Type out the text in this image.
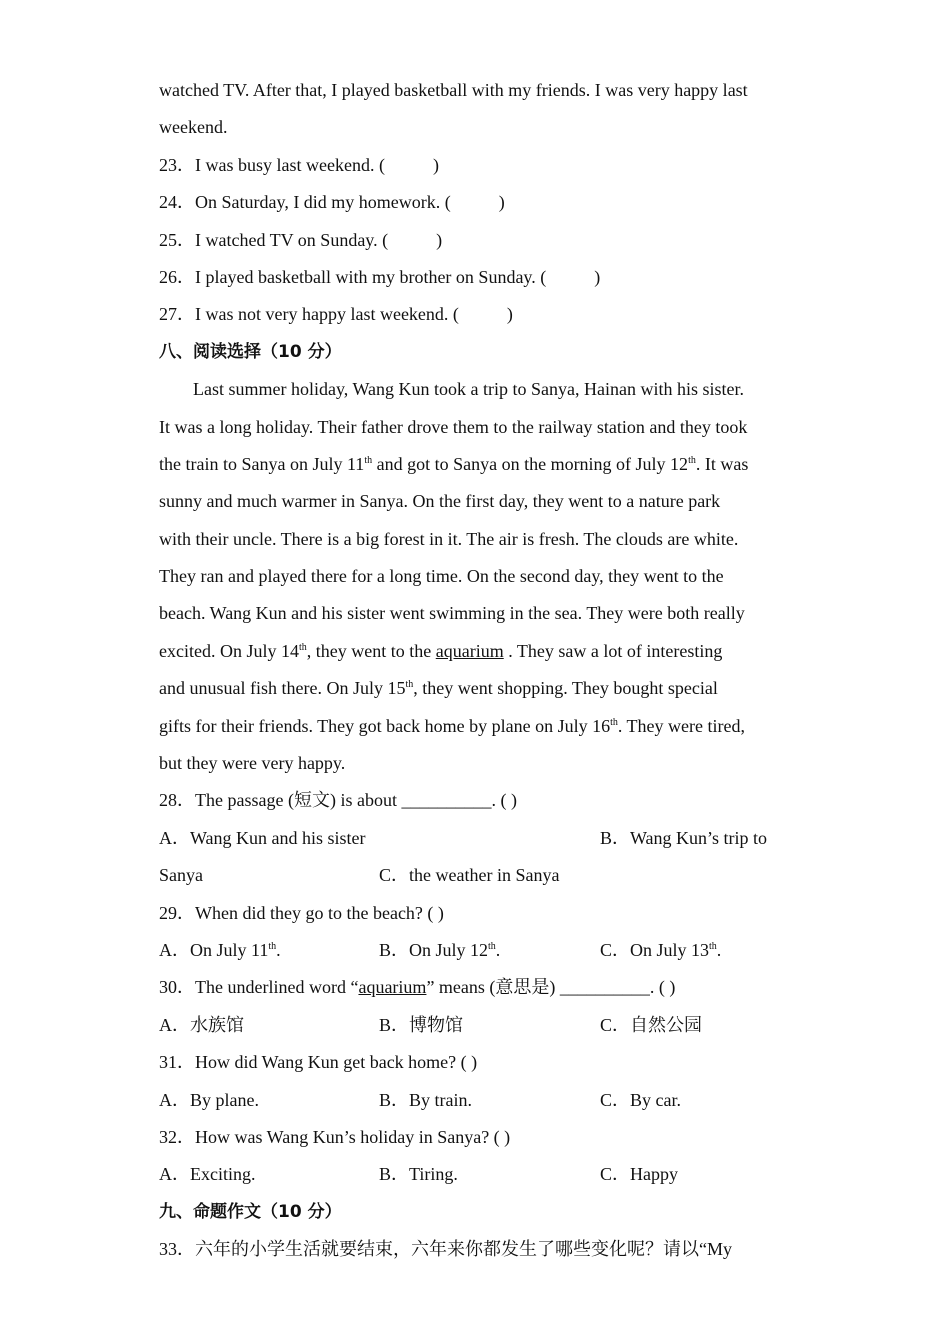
watched TV. After that, I played basketball with my friends. I was very happy last
weekend.
23．I was busy last weekend. (	)
24．On Saturday, I did my homework. (	)
25．I watched TV on Sunday. (	)
26．I played basketball with my brother on Sunday. (	)
27．I was not very happy last weekend. (	)
八、阅读选择（10 分）
Last summer holiday, Wang Kun took a trip to Sanya, Hainan with his sister.
It was a long holiday. Their father drove them to the railway station and they took
the train to Sanya on July 11th and got to Sanya on the morning of July 12th. It was
sunny and much warmer in Sanya. On the first day, they went to a nature park
with their uncle. There is a big forest in it. The air is fresh. The clouds are white.
They ran and played there for a long time. On the second day, they went to the
beach. Wang Kun and his sister went swimming in the sea. They were both really
excited. On July 14th, they went to the aquarium . They saw a lot of interesting
and unusual fish there. On July 15th, they went shopping. They bought special
gifts for their friends. They got back home by plane on July 16th. They were tired,
but they were very happy.
28．The passage (短文) is about __________. ( )
A．Wang Kun and his sister	B．Wang Kun’s trip to
Sanya	C．the weather in Sanya
29．When did they go to the beach? ( )
A．On July 11th.	B．On July 12th.	C．On July 13th.
30．The underlined word “aquarium” means (意思是) __________. ( )
A．水族馆	B．博物馆	C．自然公园
31．How did Wang Kun get back home? ( )
A．By plane.	B．By train.	C．By car.
32．How was Wang Kun’s holiday in Sanya? ( )
A．Exciting.	B．Tiring.	C．Happy
九、命题作文（10 分）
33．六年的小学生活就要结束，六年来你都发生了哪些变化呢？请以“My
